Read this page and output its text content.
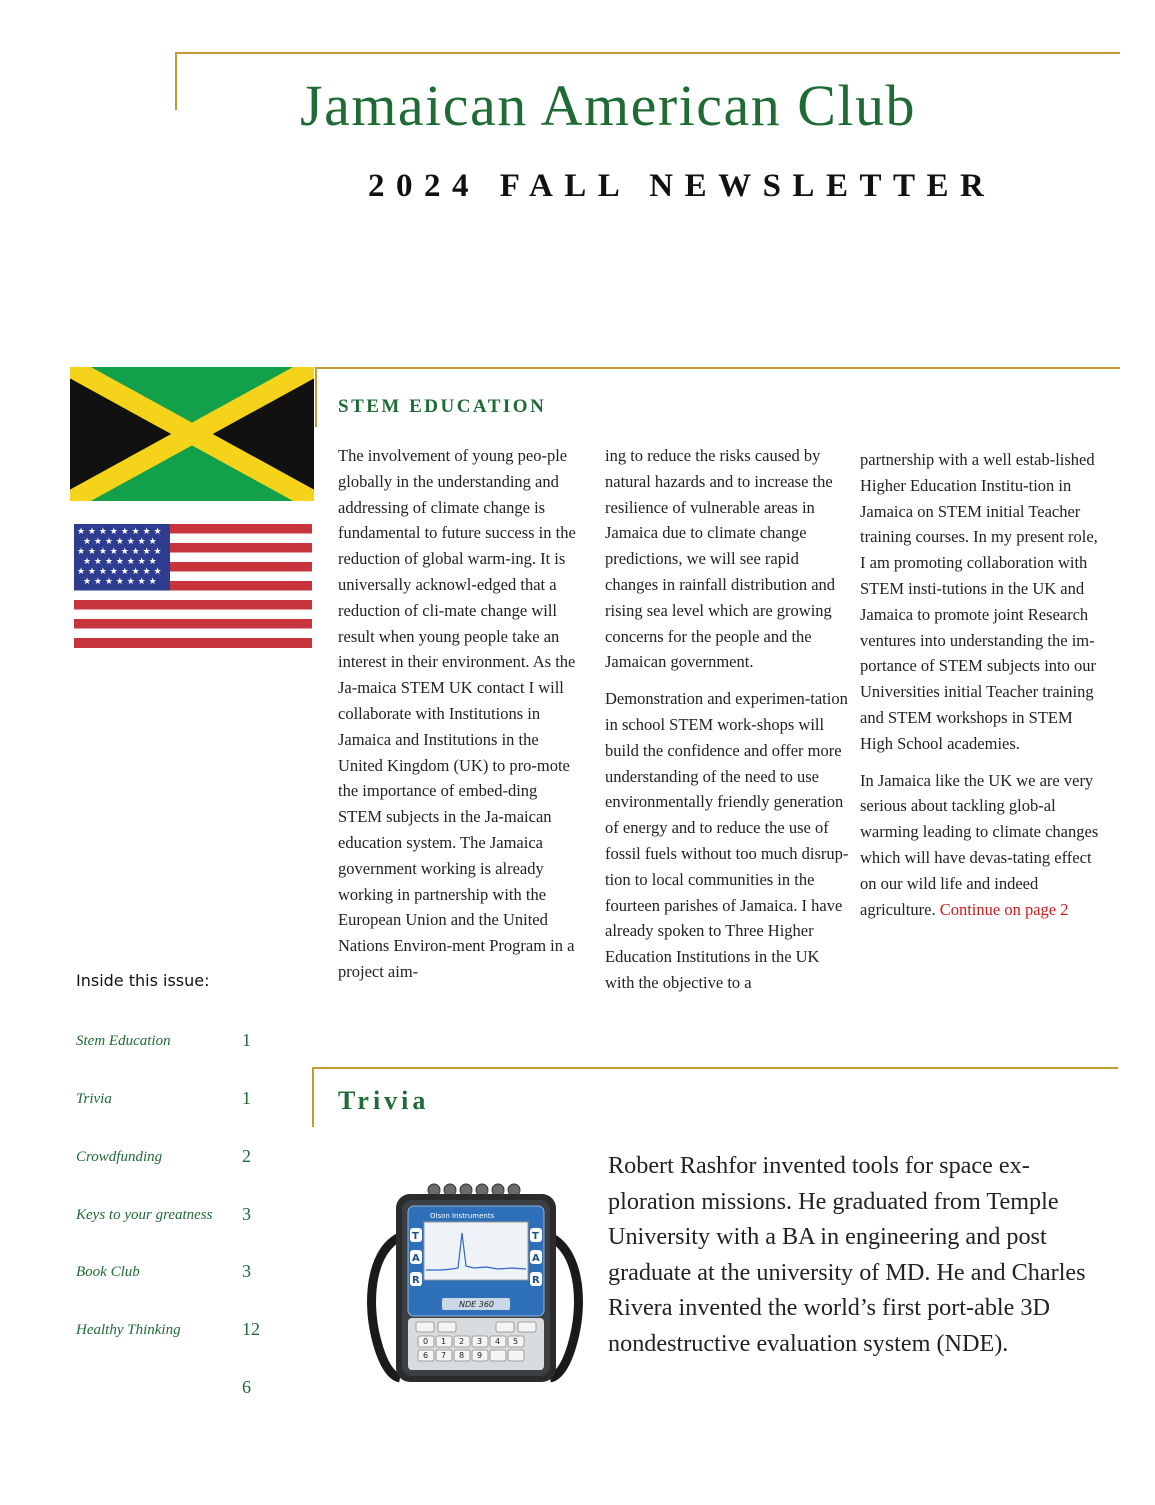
Jamaican American Club
2024 FALL NEWSLETTER
★ ★ ★ ★ ★ ★ ★ ★
★ ★ ★ ★ ★ ★ ★
★ ★ ★ ★ ★ ★ ★ ★
★ ★ ★ ★ ★ ★ ★
★ ★ ★ ★ ★ ★ ★ ★
★ ★ ★ ★ ★ ★ ★
STEM EDUCATION

The involvement of young peo-ple globally in the understanding and addressing of climate change is fundamental to future success in the reduction of global warm-ing. It is universally acknowl-edged that a reduction of cli-mate change will result when young people take an interest in their environment. As the Ja-maica STEM UK contact I will collaborate with Institutions in Jamaica and Institutions in the United Kingdom (UK) to pro-mote the importance of embed-ding STEM subjects in the Ja-maican education system. The Jamaica government working is already working in partnership with the European Union and the United Nations Environ-ment Program in a project aim-

ing to reduce the risks caused by natural hazards and to increase the resilience of vulnerable areas in Jamaica due to climate change predictions, we will see rapid changes in rainfall distribution and rising sea level which are growing concerns for the people and the Jamaican government.

Demonstration and experimen-tation in school STEM work-shops will build the confidence and offer more understanding of the need to use environmentally friendly generation of energy and to reduce the use of fossil fuels without too much disrup-tion to local communities in the fourteen parishes of Jamaica. I have already spoken to Three Higher Education Institutions in the UK with the objective to a

partnership with a well estab-lished Higher Education Institu-tion in Jamaica on STEM initial Teacher training courses. In my present role, I am promoting collaboration with STEM insti-tutions in the UK and Jamaica to promote joint Research ventures into understanding the im-portance of STEM subjects into our Universities initial Teacher training and STEM workshops in STEM High School academies.

In Jamaica like the UK we are very serious about tackling glob-al warming leading to climate changes which will have devas-tating effect on our wild life and indeed agriculture. Continue on page 2

Inside this issue:
Stem Education	1
Trivia	1
Crowdfunding	2
Keys to your greatness 3
Book Club	3
Healthy Thinking	12
6
Trivia
Olson Instruments
T
A
R
T
A
R
NDE 360
0 1 2 3 4 5
6 7 8 9
Robert Rashfor invented tools for space ex-ploration missions. He graduated from Temple University with a BA in engineering and post graduate at the university of MD. He and Charles Rivera invented the world’s first port-able 3D nondestructive evaluation system (NDE).
